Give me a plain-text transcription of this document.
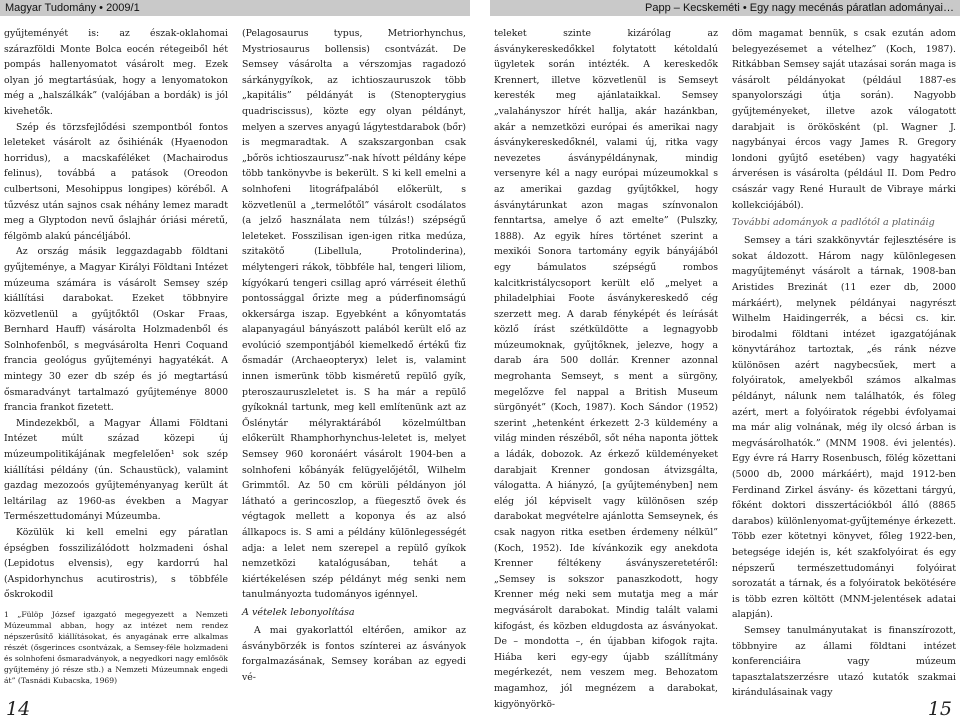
Magyar Tudomány • 2009/1	Papp – Kecskeméti • Egy nagy mecénás páratlan adományai…

gyűjteményét is: az észak-oklahomai szárazföldi Monte Bolca eocén rétegeiből hét pompás hallenyomatot vásárolt meg. Ezek olyan jó megtartásúak, hogy a lenyomatokon még a „halszálkák” (valójában a bordák) is jól kivehetők.

Szép és törzsfejlődési szempontból fontos leleteket vásárolt az ősihiénák (Hyaenodon horridus), a macskaféléket (Machairodus felinus), továbbá a patások (Oreodon culbertsoni, Mesohippus longipes) köréből. A tűzvész után sajnos csak néhány lemez maradt meg a Glyptodon nevű őslajhár óriási méretű, félgömb alakú páncéljából.

Az ország másik leggazdagabb földtani gyűjteménye, a Magyar Királyi Földtani Intézet múzeuma számára is vásárolt Semsey szép kiállítási darabokat. Ezeket többnyire közvetlenül a gyűjtőktől (Oskar Fraas, Bernhard Hauff) vásárolta Holzmadenből és Solnhofenből, s megvásárolta Henri Coquand francia geológus gyűjteményi hagyatékát. A mintegy 30 ezer db szép és jó megtartású ősmaradványt tartalmazó gyűjteménye 8000 francia frankot fizetett.

Mindezekből, a Magyar Állami Földtani Intézet múlt század közepi új múzeumpolitikájának megfelelően¹ sok szép kiállítási példány (ún. Schaustück), valamint gazdag mezozoós gyűjteményanyag került át leltárilag az 1960-as években a Magyar Természettudományi Múzeumba.

Közülük ki kell emelni egy páratlan épségben fosszilizálódott holzmadeni óshal (Lepidotus elvensis), egy kardorrú hal (Aspidorhynchus acutirostris), s többféle őskrokodil

1 „Fülöp József igazgató megegyezett a Nemzeti Múzeummal abban, hogy az intézet nem rendez népszerűsítő kiállításokat, és anyagának erre alkalmas részét (ősgerinces csontvázak, a Semsey-féle holzmadeni és solnhofeni ősmaradványok, a negyedkori nagy emlősök gyűjtemény jó része stb.) a Nemzeti Múzeumnak engedi át” (Tasnádi Kubacska, 1969)

(Pelagosaurus typus, Metriorhynchus, Mystriosaurus bollensis) csontvázát. De Semsey vásárolta a vérszomjas ragadozó sárkánygyíkok, az ichtioszauruszok több „kapitális” példányát is (Stenopterygius quadriscissus), közte egy olyan példányt, melyen a szerves anyagú lágytestdarabok (bőr) is megmaradtak. A szakszargonban csak „bőrös ichtioszaurusz”-nak hívott példány képe több tankönyvbe is bekerült. S ki kell emelni a solnhofeni litográfpalából előkerült, s közvetlenül a „termelőtől” vásárolt csodálatos (a jelző használata nem túlzás!) szépségű leleteket. Fosszilisan igen-igen ritka medúza, szitakötő (Libellula, Protolinderina), mélytengeri rákok, többféle hal, tengeri liliom, kígyókarú tengeri csillag apró várréseit élethű pontossággal őrizte meg a púderfinomságú okkersárga iszap. Egyebként a kőnyomtatás alapanyagául bányászott palából került elő az evolúció szempontjából kiemelkedő értékű ťiz ősmadár (Archaeopteryx) lelet is, valamint innen ismerünk több kisméretű repülő gyík, pteroszauruszleletet is. S ha már a repülő gyíkoknál tartunk, meg kell említenünk azt az Őslénytár mélyraktárából közelmúltban előkerült Rhamphorhynchus-leletet is, melyet Semsey 960 koronáért vásárolt 1904-ben a solnhofeni kőbányák felügyelőjétől, Wilhelm Grimmtől. Az 50 cm körüli példányon jól látható a gerincoszlop, a füegesztő övek és végtagok mellett a koponya és az alsó állkapocs is. S ami a példány különlegességét adja: a lelet nem szerepel a repülő gyíkok nemzetközi katalógusában, tehát a kiértékelésen szép példányt még senki nem tanulmányozta tudományos igénnyel.

A vételek lebonyolítása

A mai gyakorlattól eltérően, amikor az ásványbörzék is fontos színterei az ásványok forgalmazásának, Semsey korában az egyedi vé-

14

teleket szinte kizárólag az ásványkereskedőkkel folytatott kétoldalú ügyletek során intézték. A kereskedők Krennert, illetve közvetlenül is Semseyt keresték meg ajánlataikkal. Semsey „valahányszor hírét hallja, akár hazánkban, akár a nemzetközi európai és amerikai nagy ásványkereskedőknél, valami új, ritka vagy nevezetes ásványpéldánynak, mindig versenyre kél a nagy európai múzeumokkal s az amerikai gazdag gyűjtőkkel, hogy ásványtárunkat azon magas színvonalon fenntartsa, amelye ő azt emelte” (Pulszky, 1888). Az egyik híres történet szerint a mexikói Sonora tartomány egyik bányájából egy bámulatos szépségű rombos kalcitkristálycsoport került elő „melyet a philadelphiai Foote ásványkereskedő cég szerzett meg. A darab fényképét és leírását közlő írást szétküldötte a legnagyobb múzeumoknak, gyűjtőknek, jelezve, hogy a darab ára 500 dollár. Krenner azonnal megrohanta Semseyt, s ment a sürgöny, megelőzve fel nappal a British Museum sürgönyét” (Koch, 1987). Koch Sándor (1952) szerint „hetenként érkezett 2-3 küldemény a világ minden részéből, sőt néha naponta jöttek a ládák, dobozok. Az érkező küldeményeket darabjait Krenner gondosan átvizsgálta, válogatta. A hiányzó, [a gyűjteményben] nem elég jól képviselt vagy különösen szép darabokat megvételre ajánlotta Semseynek, és csak nagyon ritka esetben érdemeny nélkül” (Koch, 1952). Ide kívánkozik egy anekdota Krenner féltékeny ásványszeretetéről: „Semsey is sokszor panaszkodott, hogy Krenner még neki sem mutatja meg a már megvásárolt darabokat. Mindig talált valami kifogást, és közben eldugdosta az ásványokat. De – mondotta –, én újabban kifogok rajta. Hiába keri egy-egy újabb szállítmány megérkezét, nem veszem meg. Behozatom magamhoz, jól megnézem a darabokat, kigyönyörkö-

döm magamat bennük, s csak ezután adom belegyezésemet a vételhez” (Koch, 1987). Ritkábban Semsey saját utazásai során maga is vásárolt példányokat (például 1887-es spanyolországi útja során). Nagyobb gyűjteményeket, illetve azok válogatott darabjait is örökösként (pl. Wagner J. nagybányai ércos vagy James R. Gregory londoni gyűjtő esetében) vagy hagyatéki árverésen is vásárolta (például II. Dom Pedro császár vagy René Hurault de Vibraye márki kollekciójából).

További adományok a padlótól a platináig

Semsey a tári szakkönyvtár fejlesztésére is sokat áldozott. Három nagy különlegesen magyűjteményt vásárolt a tárnak, 1908-ban Aristides Brezinát (11 ezer db, 2000 márkáért), melynek példányai nagyrészt Wilhelm Haidingerrék, a bécsi cs. kir. birodalmi földtani intézet igazgatójának könyvtárához tartoztak, „és ránk nézve különösen azért nagybecsűek, mert a folyóiratok, amelyekből számos alkalmas példányt, nálunk nem találhatók, és föleg azért, mert a folyóiratok régebbi évfolyamai ma már alig volnának, még ily olcsó árban is megvásárolhatók.” (MNM 1908. évi jelentés). Egy évre rá Harry Rosenbusch, fölég közettani (5000 db, 2000 márkáért), majd 1912-ben Ferdinand Zirkel ásvány- és közettani tárgyú, főként doktori disszertációkból álló (8865 darabos) különlenyomat-gyűjteménye érkezett. Több ezer kötetnyi könyvet, főleg 1922-ben, betegsége idején is, két szakfolyóirat és egy népszerű természettudományi folyóirat sorozatát a tárnak, és a folyóiratok bekötésére is több ezren költött (MNM-jelentések adatai alapján).

Semsey tanulmányutakat is finanszírozott, többnyire az állami földtani intézet konferenciáira vagy múzeum tapasztalatszerzésre utazó kutatók szakmai kirándulásainak vagy

15
